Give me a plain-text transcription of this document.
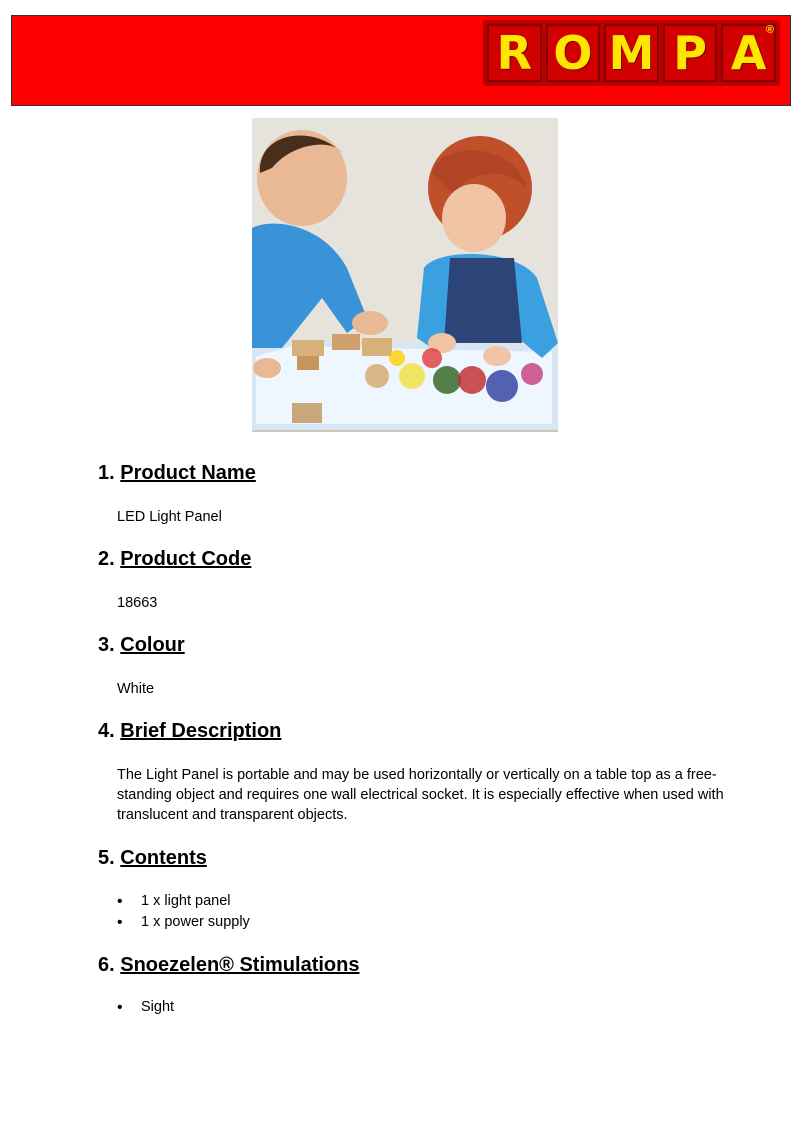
R O M P A ®
1. Product Name

LED Light Panel

2. Product Code

18663

3. Colour

White

4. Brief Description

The Light Panel is portable and may be used horizontally or vertically on a table top as a free-standing object and requires one wall electrical socket. It is especially effective when used with translucent and transparent objects.

5. Contents
• 1 x light panel
• 1 x power supply
6. Snoezelen® Stimulations
• Sight
